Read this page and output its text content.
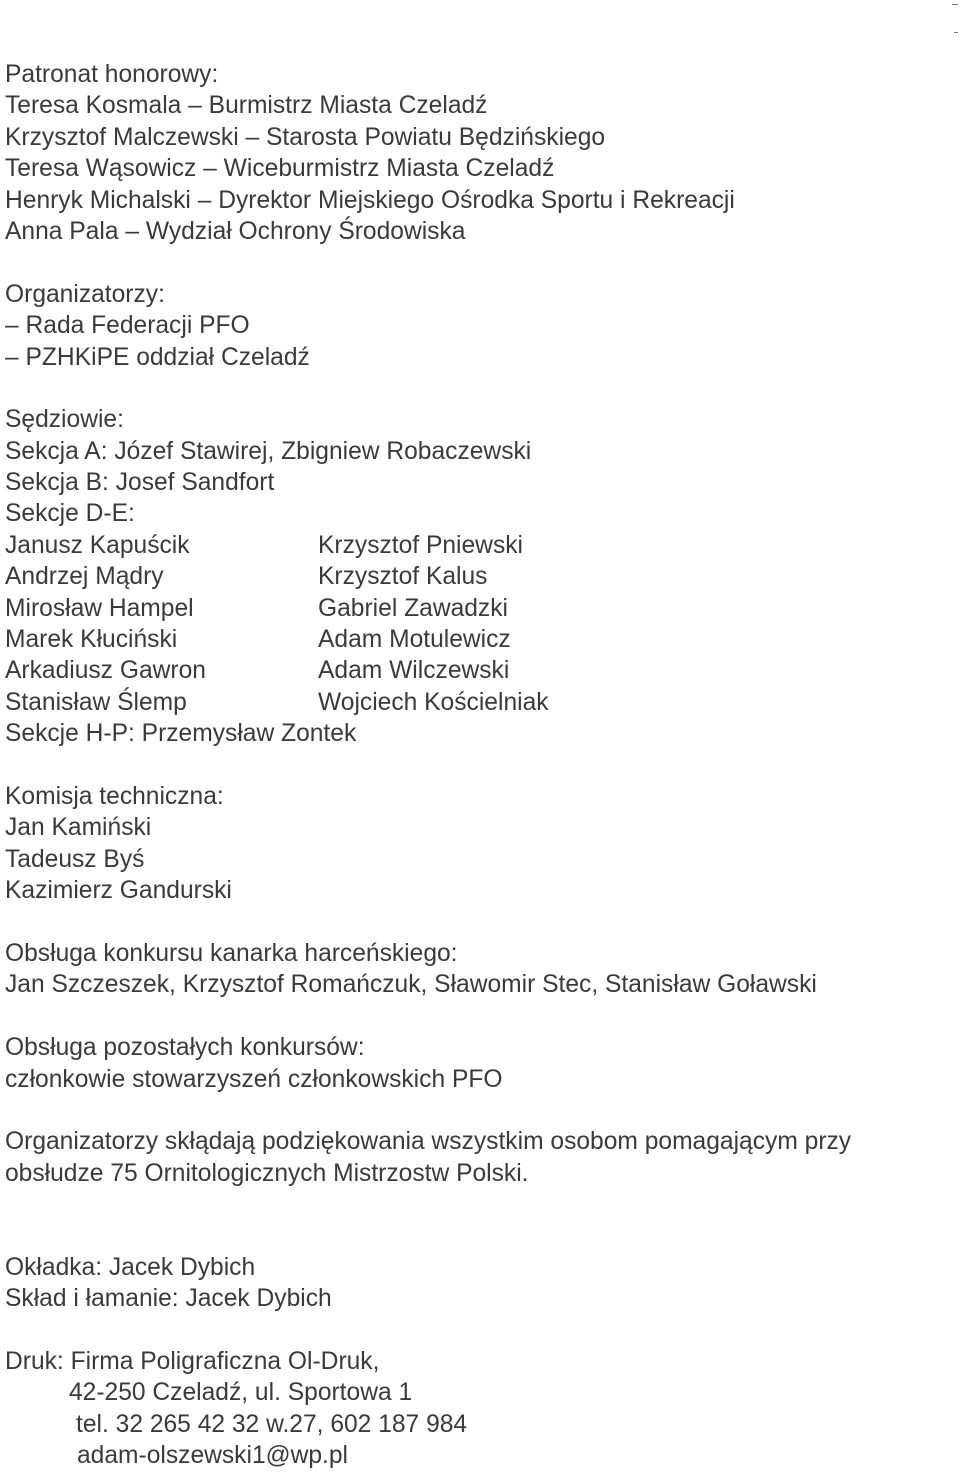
Patronat honorowy:
Teresa Kosmala – Burmistrz Miasta Czeladź
Krzysztof Malczewski – Starosta Powiatu Będzińskiego
Teresa Wąsowicz – Wiceburmistrz Miasta Czeladź
Henryk Michalski – Dyrektor Miejskiego Ośrodka Sportu i Rekreacji
Anna Pala – Wydział Ochrony Środowiska
Organizatorzy:
– Rada Federacji PFO
– PZHKiPE oddział Czeladź
Sędziowie:
Sekcja A: Józef Stawirej, Zbigniew Robaczewski
Sekcja B: Josef Sandfort
Sekcje D-E:
Janusz Kapuścik	Krzysztof Pniewski
Andrzej Mądry	Krzysztof Kalus
Mirosław Hampel	Gabriel Zawadzki
Marek Kłuciński	Adam Motulewicz
Arkadiusz Gawron	Adam Wilczewski
Stanisław Ślemp	Wojciech Kościelniak
Sekcje H-P: Przemysław Zontek
Komisja techniczna:
Jan Kamiński
Tadeusz Byś
Kazimierz Gandurski
Obsługa konkursu kanarka harceńskiego:
Jan Szczeszek, Krzysztof Romańczuk, Sławomir Stec, Stanisław Goławski
Obsługa pozostałych konkursów:
członkowie stowarzyszeń członkowskich PFO
Organizatorzy skłądają podziękowania wszystkim osobom pomagającym przy
obsłudze 75 Ornitologicznych Mistrzostw Polski.
Okładka: Jacek Dybich
Skład i łamanie: Jacek Dybich
Druk: Firma Poligraficzna Ol-Druk,
42-250 Czeladź, ul. Sportowa 1
tel. 32 265 42 32 w.27, 602 187 984
adam-olszewski1@wp.pl
